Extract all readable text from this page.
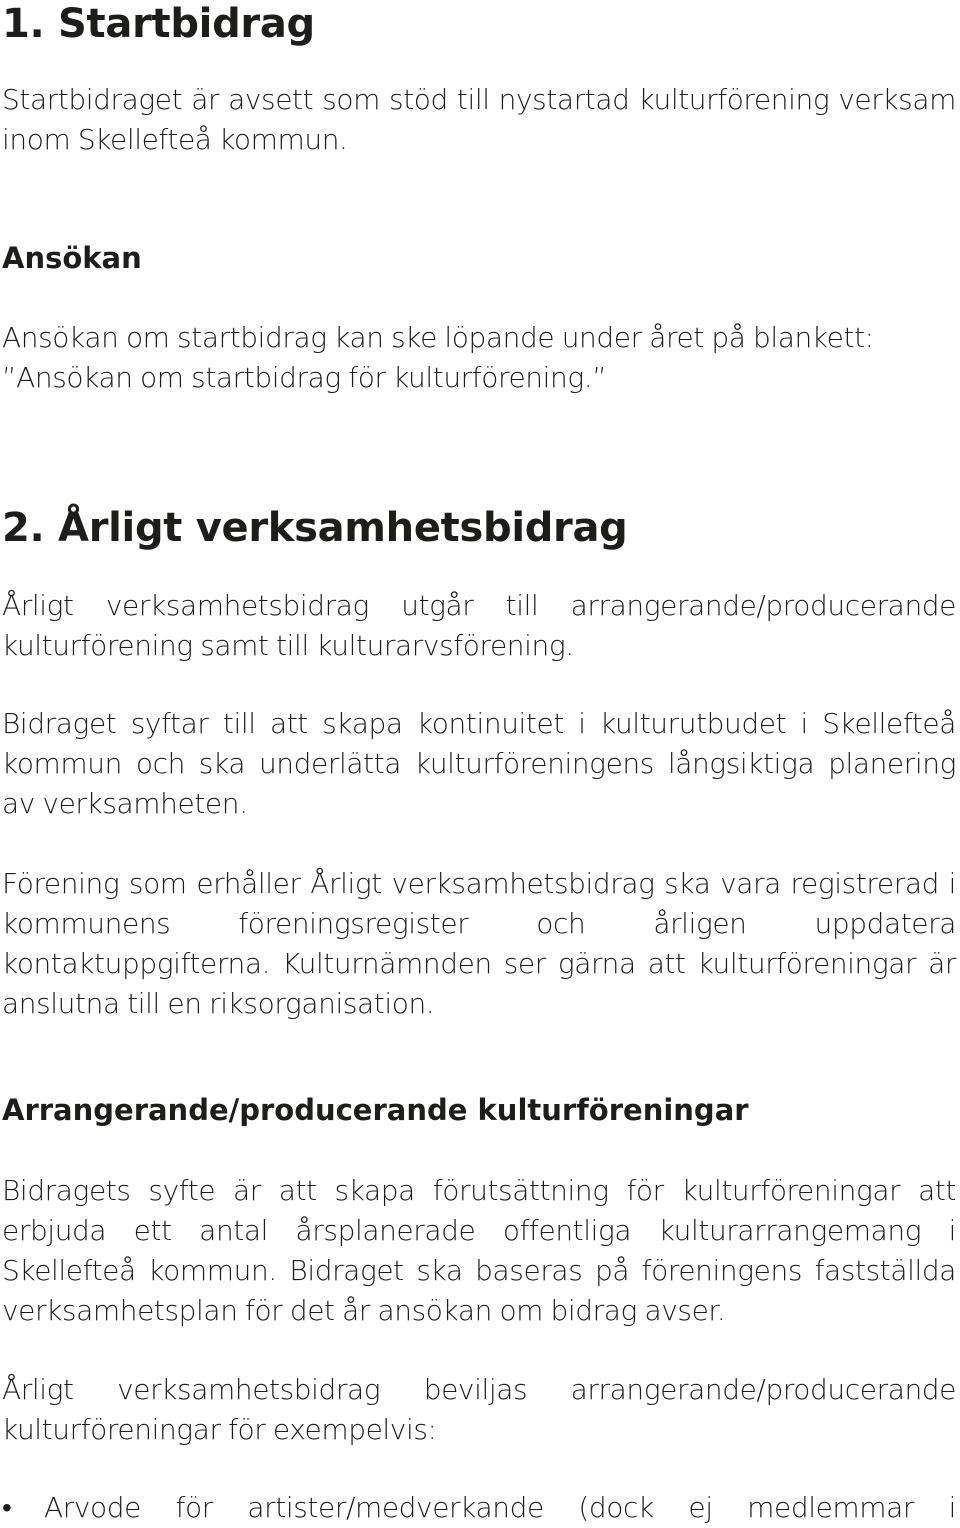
1. Startbidrag

Startbidraget är avsett som stöd till nystartad kulturförening verksam inom Skellefteå kommun.

Ansökan

Ansökan om startbidrag kan ske löpande under året på blankett:
”Ansökan om startbidrag för kulturförening.”

2. Årligt verksamhetsbidrag

Årligt verksamhetsbidrag utgår till arrangerande/producerande kulturförening samt till kulturarvsförening.

Bidraget syftar till att skapa kontinuitet i kulturutbudet i Skellefteå kommun och ska underlätta kulturföreningens långsiktiga planering av verksamheten.

Förening som erhåller Årligt verksamhetsbidrag ska vara registrerad i kommunens föreningsregister och årligen uppdatera kontaktuppgifterna. Kulturnämnden ser gärna att kulturföreningar är anslutna till en riksorganisation.

Arrangerande/producerande kulturföreningar

Bidragets syfte är att skapa förutsättning för kulturföreningar att erbjuda ett antal årsplanerade offentliga kulturarrangemang i Skellefteå kommun. Bidraget ska baseras på föreningens fastställda verksamhetsplan för det år ansökan om bidrag avser.

Årligt verksamhetsbidrag beviljas arrangerande/producerande kulturföreningar för exempelvis:

•	Arvode för artister/medverkande (dock ej medlemmar i
